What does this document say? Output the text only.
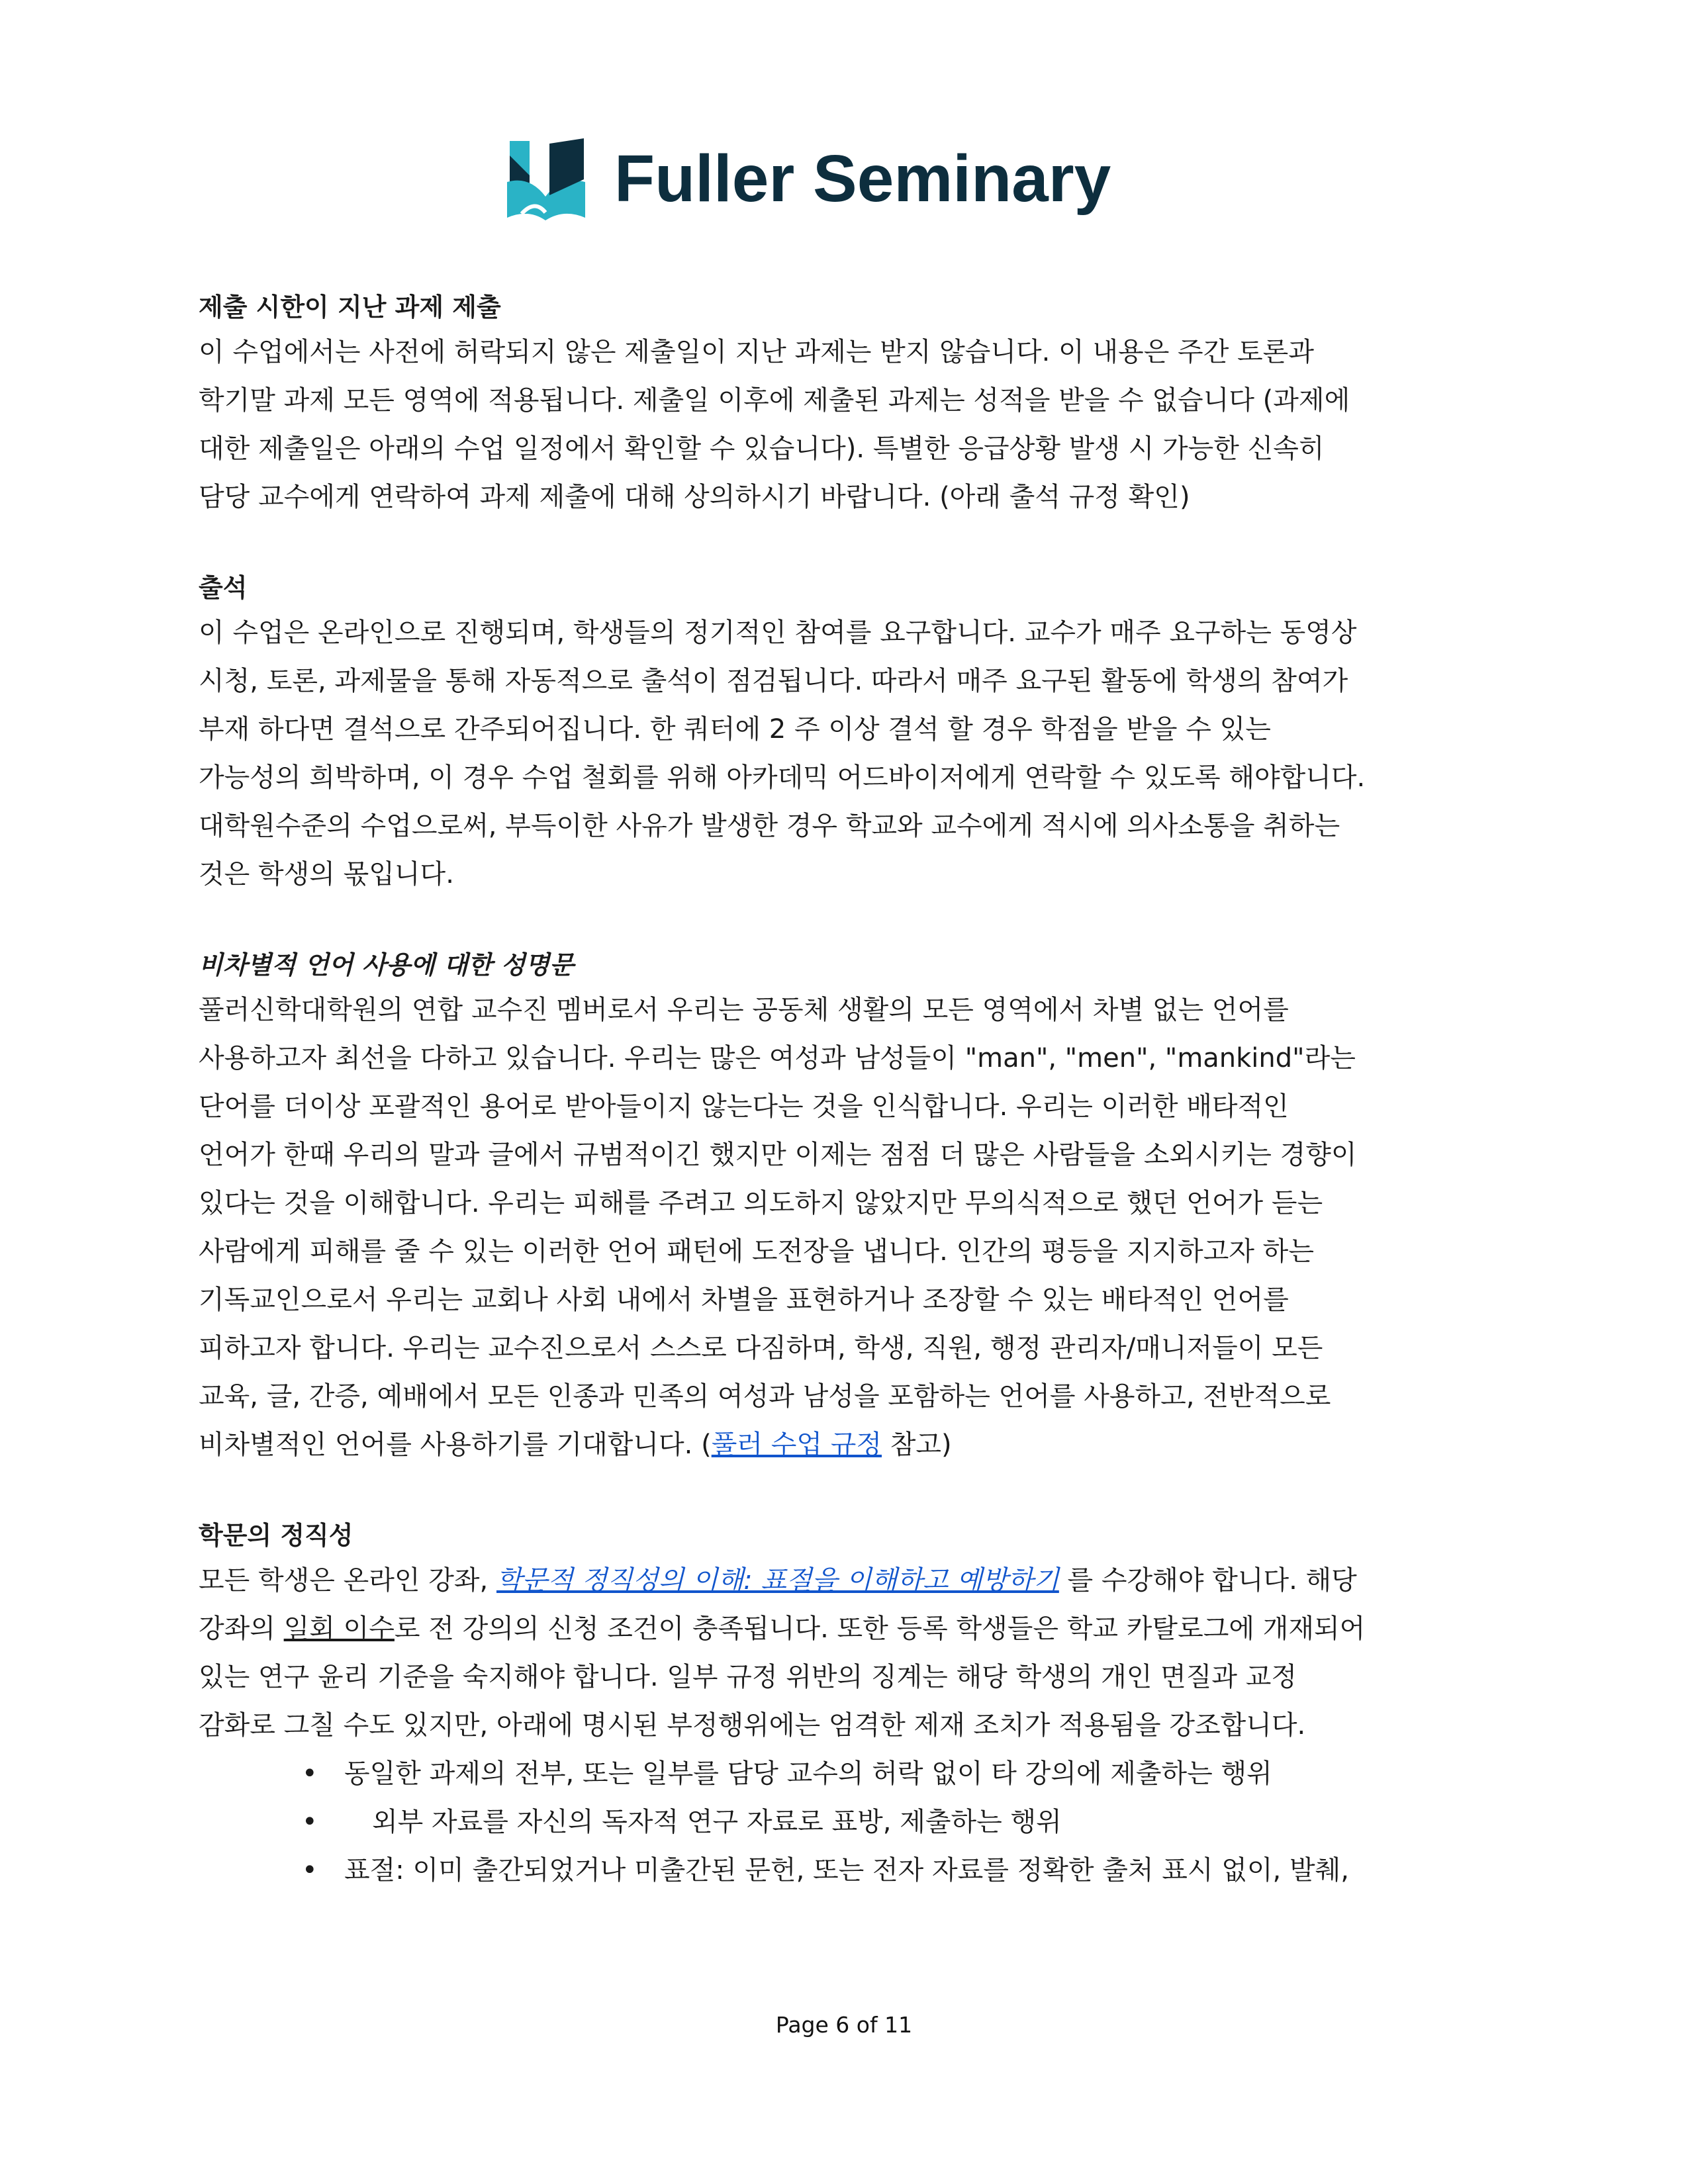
Fuller Seminary

제출 시한이 지난 과제 제출

이 수업에서는 사전에 허락되지 않은 제출일이 지난 과제는 받지 않습니다. 이 내용은 주간 토론과
학기말 과제 모든 영역에 적용됩니다. 제출일 이후에 제출된 과제는 성적을 받을 수 없습니다 (과제에
대한 제출일은 아래의 수업 일정에서 확인할 수 있습니다). 특별한 응급상황 발생 시 가능한 신속히
담당 교수에게 연락하여 과제 제출에 대해 상의하시기 바랍니다. (아래 출석 규정 확인)

출석

이 수업은 온라인으로 진행되며, 학생들의 정기적인 참여를 요구합니다. 교수가 매주 요구하는 동영상
시청, 토론, 과제물을 통해 자동적으로 출석이 점검됩니다. 따라서 매주 요구된 활동에 학생의 참여가
부재 하다면 결석으로 간주되어집니다. 한 쿼터에 2 주 이상 결석 할 경우 학점을 받을 수 있는
가능성의 희박하며, 이 경우 수업 철회를 위해 아카데믹 어드바이저에게 연락할 수 있도록 해야합니다.
대학원수준의 수업으로써, 부득이한 사유가 발생한 경우 학교와 교수에게 적시에 의사소통을 취하는
것은 학생의 몫입니다.

비차별적 언어 사용에 대한 성명문

풀러신학대학원의 연합 교수진 멤버로서 우리는 공동체 생활의 모든 영역에서 차별 없는 언어를
사용하고자 최선을 다하고 있습니다. 우리는 많은 여성과 남성들이 "man", "men", "mankind"라는
단어를 더이상 포괄적인 용어로 받아들이지 않는다는 것을 인식합니다. 우리는 이러한 배타적인
언어가 한때 우리의 말과 글에서 규범적이긴 했지만 이제는 점점 더 많은 사람들을 소외시키는 경향이
있다는 것을 이해합니다. 우리는 피해를 주려고 의도하지 않았지만 무의식적으로 했던 언어가 듣는
사람에게 피해를 줄 수 있는 이러한 언어 패턴에 도전장을 냅니다. 인간의 평등을 지지하고자 하는
기독교인으로서 우리는 교회나 사회 내에서 차별을 표현하거나 조장할 수 있는 배타적인 언어를
피하고자 합니다. 우리는 교수진으로서 스스로 다짐하며, 학생, 직원, 행정 관리자/매니저들이 모든
교육, 글, 간증, 예배에서 모든 인종과 민족의 여성과 남성을 포함하는 언어를 사용하고, 전반적으로
비차별적인 언어를 사용하기를 기대합니다. (풀러 수업 규정 참고)

학문의 정직성

모든 학생은 온라인 강좌, 학문적 정직성의 이해: 표절을 이해하고 예방하기 를 수강해야 합니다. 해당
강좌의 일회 이수로 전 강의의 신청 조건이 충족됩니다. 또한 등록 학생들은 학교 카탈로그에 개재되어
있는 연구 윤리 기준을 숙지해야 합니다. 일부 규정 위반의 징계는 해당 학생의 개인 면질과 교정
감화로 그칠 수도 있지만, 아래에 명시된 부정행위에는 엄격한 제재 조치가 적용됨을 강조합니다.

• 동일한 과제의 전부, 또는 일부를 담당 교수의 허락 없이 타 강의에 제출하는 행위
• 외부 자료를 자신의 독자적 연구 자료로 표방, 제출하는 행위
• 표절: 이미 출간되었거나 미출간된 문헌, 또는 전자 자료를 정확한 출처 표시 없이, 발췌,
Page 6 of 11
